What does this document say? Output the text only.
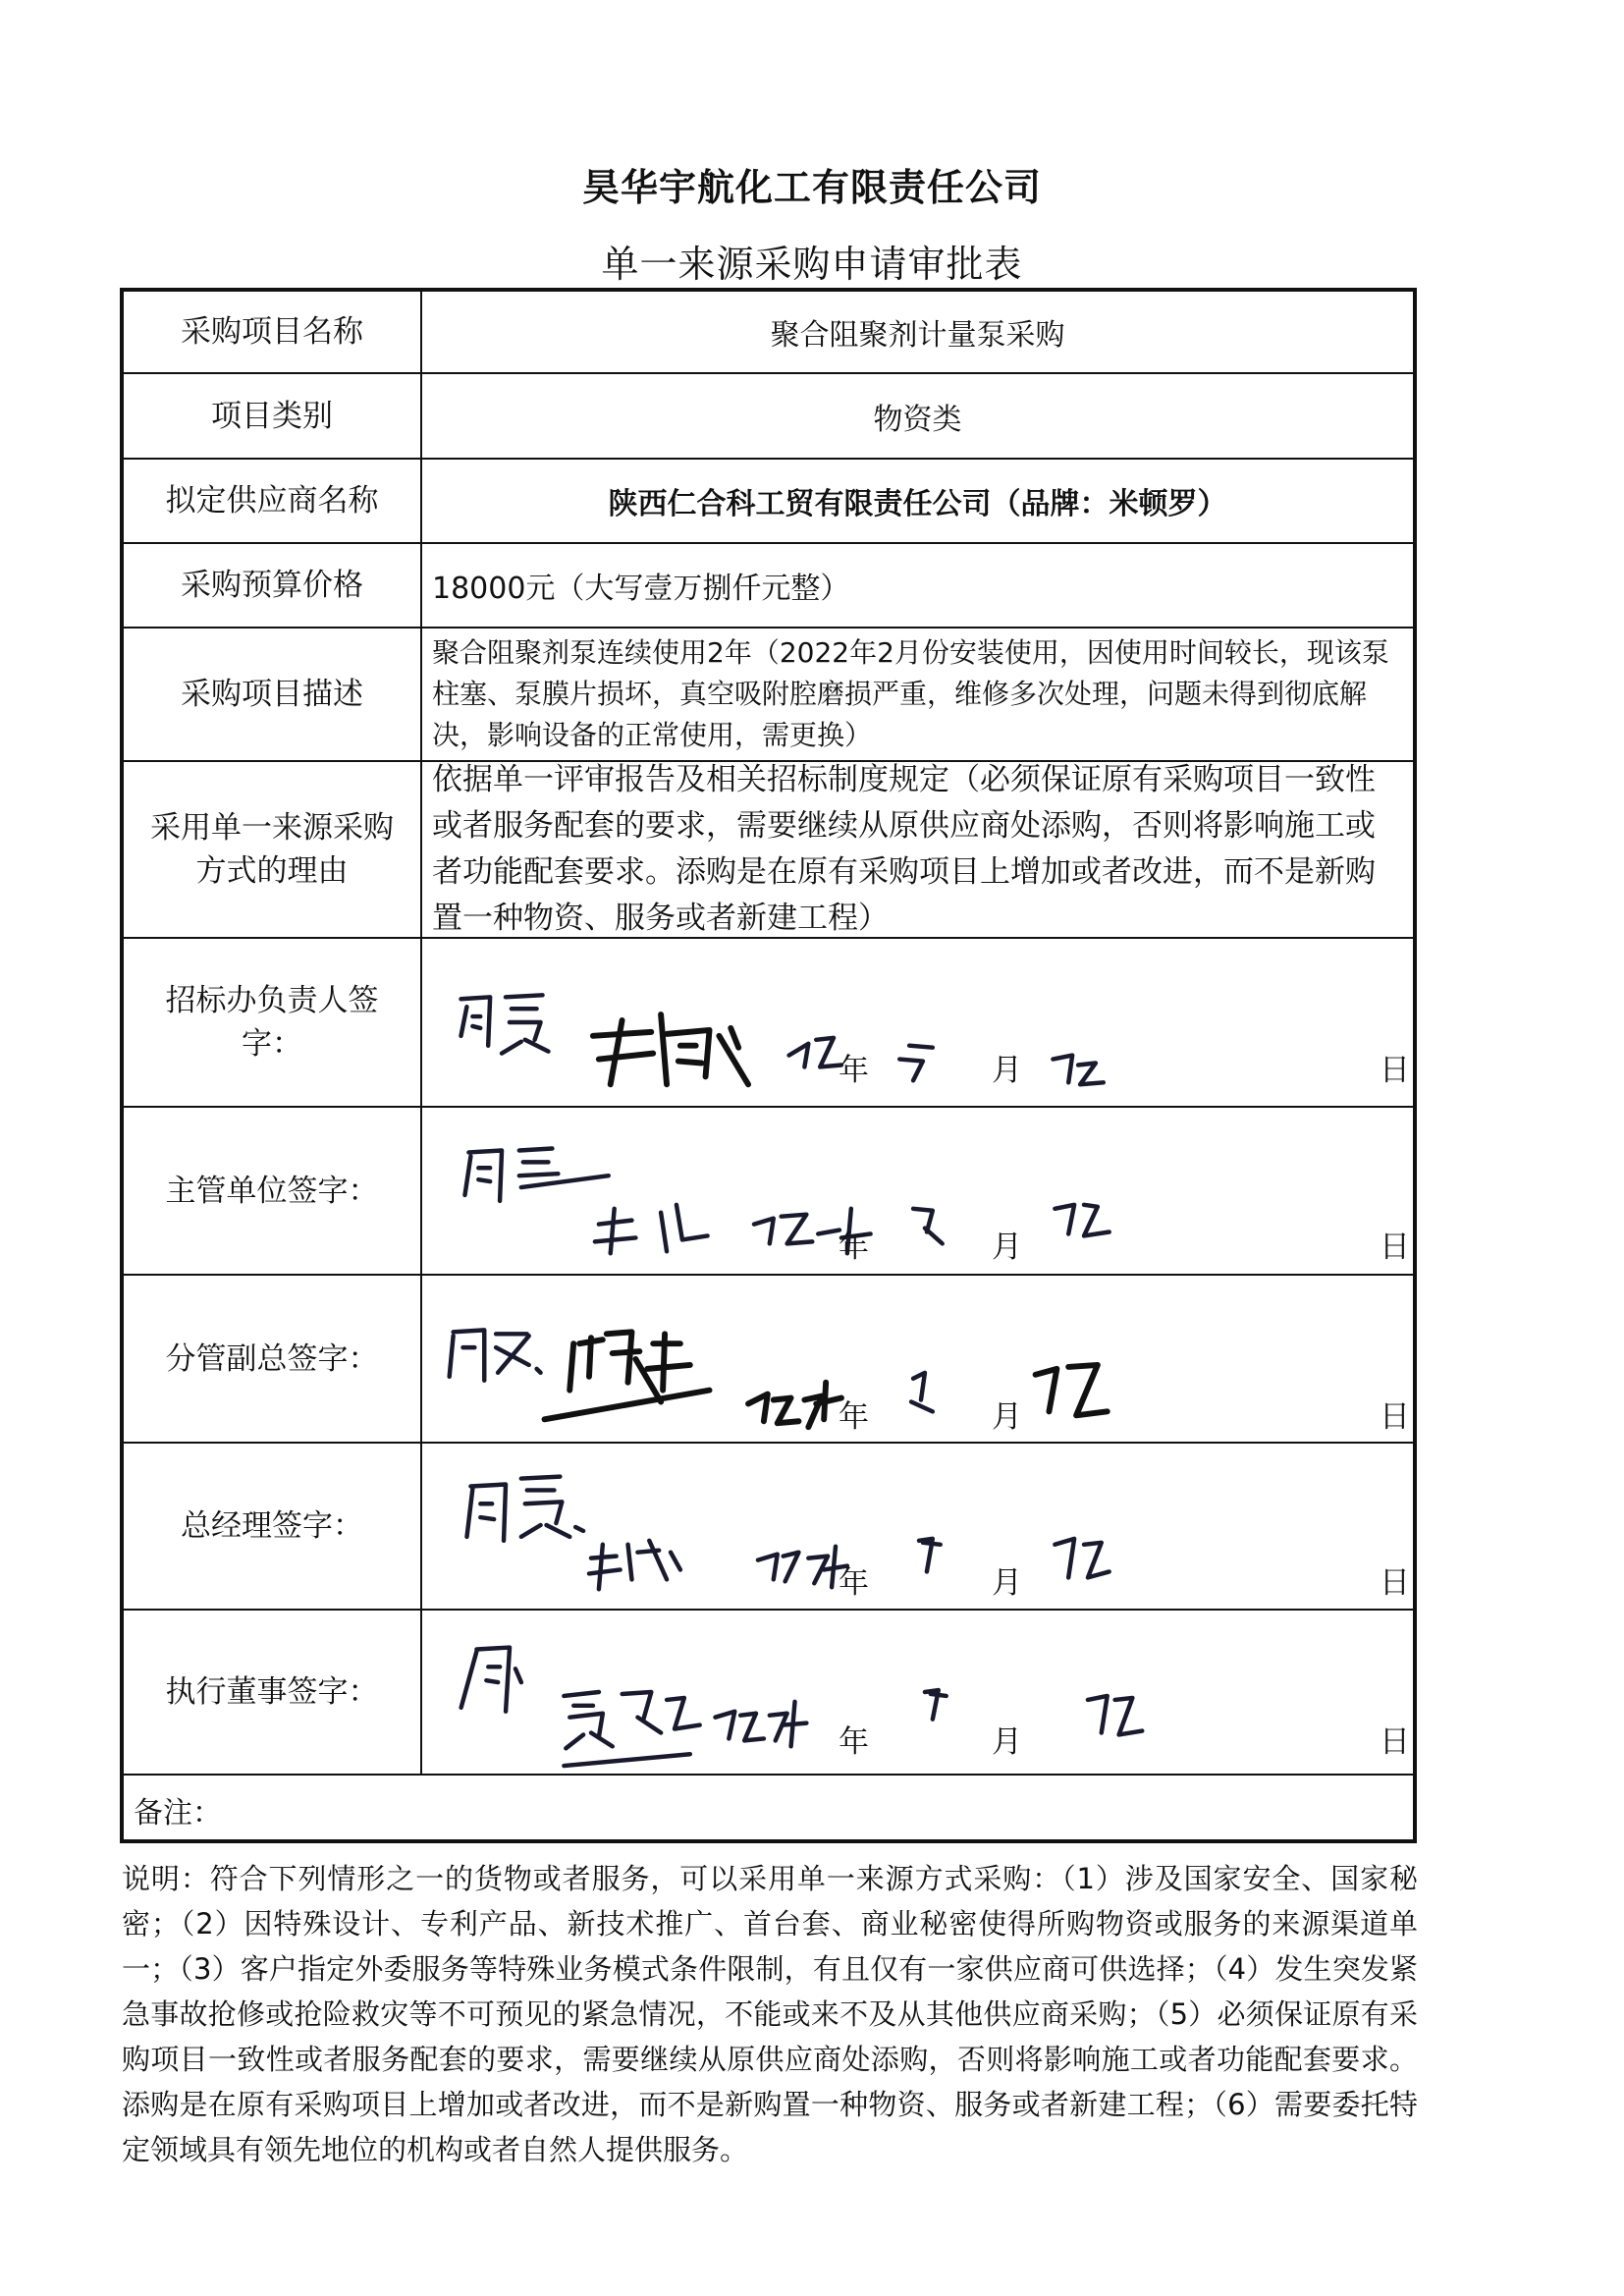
昊华宇航化工有限责任公司
单一来源采购申请审批表
采购项目名称	聚合阻聚剂计量泵采购
项目类别	物资类
拟定供应商名称	陕西仁合科工贸有限责任公司（品牌：米顿罗）
采购预算价格	18000元（大写壹万捌仟元整）
采购项目描述
聚合阻聚剂泵连续使用2年（2022年2月份安装使用，因使用时间较长，现该泵柱塞、泵膜片损坏，真空吸附腔磨损严重，维修多次处理，问题未得到彻底解决，影响设备的正常使用，需更换）
采用单一来源采购方式的理由
依据单一评审报告及相关招标制度规定（必须保证原有采购项目一致性或者服务配套的要求，需要继续从原供应商处添购，否则将影响施工或者功能配套要求。添购是在原有采购项目上增加或者改进，而不是新购置一种物资、服务或者新建工程）
招标办负责人签字：
年	月	日
主管单位签字：
年	月	日
分管副总签字：
年	月	日
总经理签字：
年	月	日
执行董事签字：
年	月	日
备注：
说明：符合下列情形之一的货物或者服务，可以采用单一来源方式采购：（1）涉及国家安全、国家秘密；（2）因特殊设计、专利产品、新技术推广、首台套、商业秘密使得所购物资或服务的来源渠道单一；（3）客户指定外委服务等特殊业务模式条件限制，有且仅有一家供应商可供选择；（4）发生突发紧急事故抢修或抢险救灾等不可预见的紧急情况，不能或来不及从其他供应商采购；（5）必须保证原有采购项目一致性或者服务配套的要求，需要继续从原供应商处添购，否则将影响施工或者功能配套要求。添购是在原有采购项目上增加或者改进，而不是新购置一种物资、服务或者新建工程；（6）需要委托特定领域具有领先地位的机构或者自然人提供服务。
